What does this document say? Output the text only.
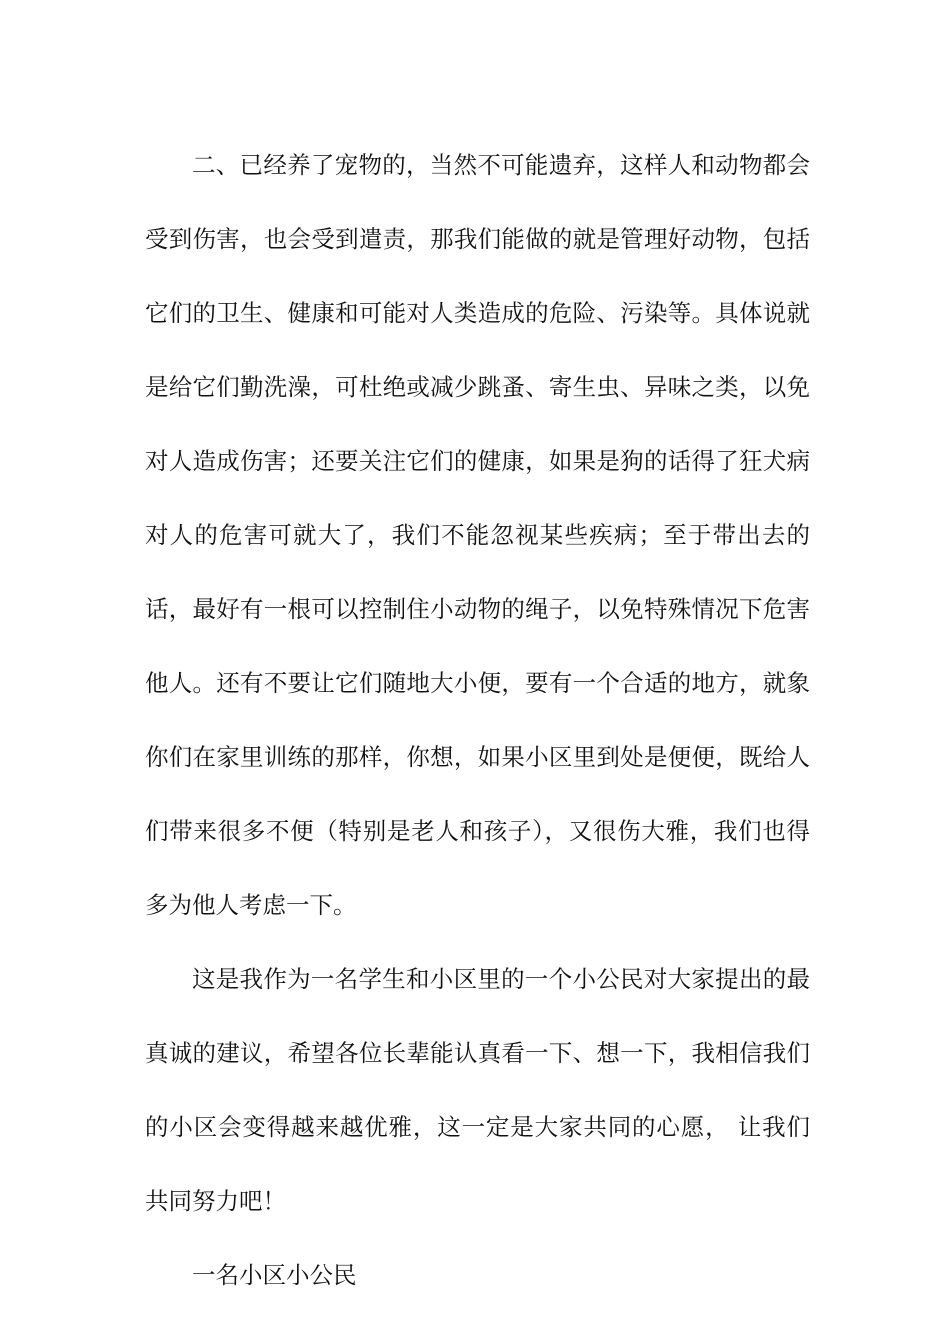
二、已经养了宠物的，当然不可能遗弃，这样人和动物都会受到伤害，也会受到遣责，那我们能做的就是管理好动物，包括它们的卫生、健康和可能对人类造成的危险、污染等。具体说就是给它们勤洗澡，可杜绝或减少跳蚤、寄生虫、异味之类，以免对人造成伤害；还要关注它们的健康，如果是狗的话得了狂犬病对人的危害可就大了，我们不能忽视某些疾病；至于带出去的话，最好有一根可以控制住小动物的绳子，以免特殊情况下危害他人。还有不要让它们随地大小便，要有一个合适的地方，就象你们在家里训练的那样，你想，如果小区里到处是便便，既给人们带来很多不便（特别是老人和孩子），又很伤大雅，我们也得多为他人考虑一下。

这是我作为一名学生和小区里的一个小公民对大家提出的最真诚的建议，希望各位长辈能认真看一下、想一下，我相信我们的小区会变得越来越优雅，这一定是大家共同的心愿， 让我们共同努力吧！

一名小区小公民
